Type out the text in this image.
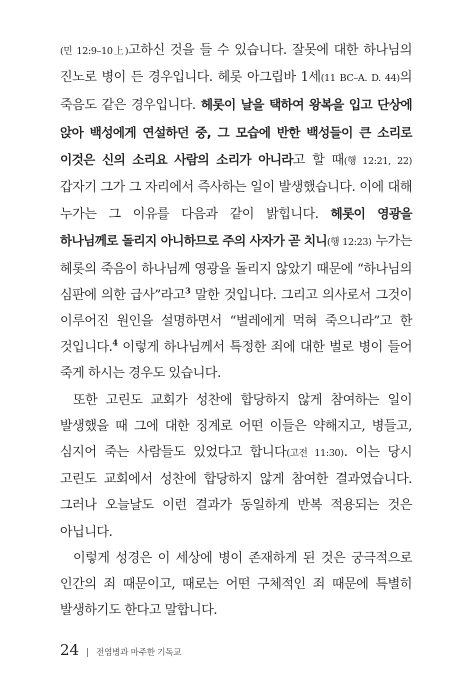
(민 12:9–10上)고하신 것을 들 수 있습니다. 잘못에 대한 하나님의 진노로 병이 든 경우입니다. 헤롯 아그립바 1세(11 BC–A. D. 44)의 죽음도 같은 경우입니다. 헤롯이 날을 택하여 왕복을 입고 단상에 앉아 백성에게 연설하던 중, 그 모습에 반한 백성들이 큰 소리로 이것은 신의 소리요 사람의 소리가 아니라고 할 때(행 12:21, 22) 갑자기 그가 그 자리에서 즉사하는 일이 발생했습니다. 이에 대해 누가는 그 이유를 다음과 같이 밝힙니다. 헤롯이 영광을 하나님께로 돌리지 아니하므로 주의 사자가 곧 치니(행 12:23) 누가는 헤롯의 죽음이 하나님께 영광을 돌리지 않았기 때문에 “하나님의 심판에 의한 급사”라고$^3$ 말한 것입니다. 그리고 의사로서 그것이 이루어진 원인을 설명하면서 “벌레에게 먹혀 죽으니라”고 한 것입니다.$^4$ 이렇게 하나님께서 특정한 죄에 대한 벌로 병이 들어 죽게 하시는 경우도 있습니다.

또한 고린도 교회가 성찬에 합당하지 않게 참여하는 일이 발생했을 때 그에 대한 징계로 어떤 이들은 약해지고, 병들고, 심지어 죽는 사람들도 있었다고 합니다(고전 11:30). 이는 당시 고린도 교회에서 성찬에 합당하지 않게 참여한 결과였습니다. 그러나 오늘날도 이런 결과가 동일하게 반복 적용되는 것은 아닙니다.

이렇게 성경은 이 세상에 병이 존재하게 된 것은 궁극적으로 인간의 죄 때문이고, 때로는 어떤 구체적인 죄 때문에 특별히 발생하기도 한다고 말합니다.

24 | 전염병과 마주한 기독교
